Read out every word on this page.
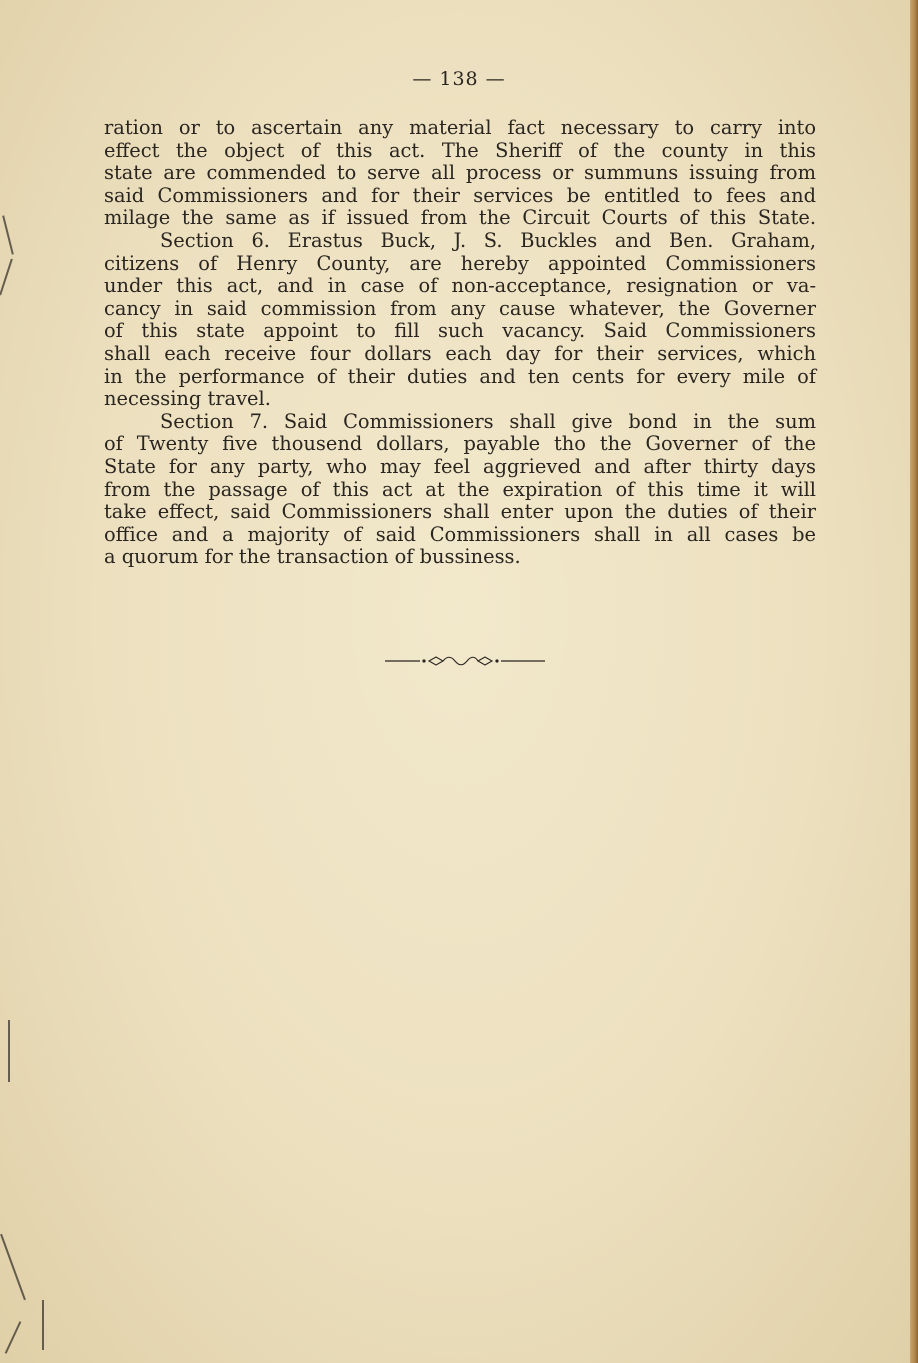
— 138 —

ration or to ascertain any material fact necessary to carry into

effect the object of this act. The Sheriff of the county in this

state are commended to serve all process or summuns issuing from

said Commissioners and for their services be entitled to fees and

milage the same as if issued from the Circuit Courts of this State.

Section 6. Erastus Buck, J. S. Buckles and Ben. Graham,

citizens of Henry County, are hereby appointed Commissioners

under this act, and in case of non-acceptance, resignation or va-

cancy in said commission from any cause whatever, the Governer

of this state appoint to fill such vacancy. Said Commissioners

shall each receive four dollars each day for their services, which

in the performance of their duties and ten cents for every mile of

necessing travel.

Section 7. Said Commissioners shall give bond in the sum

of Twenty five thousend dollars, payable tho the Governer of the

State for any party, who may feel aggrieved and after thirty days

from the passage of this act at the expiration of this time it will

take effect, said Commissioners shall enter upon the duties of their

office and a majority of said Commissioners shall in all cases be

a quorum for the transaction of bussiness.
